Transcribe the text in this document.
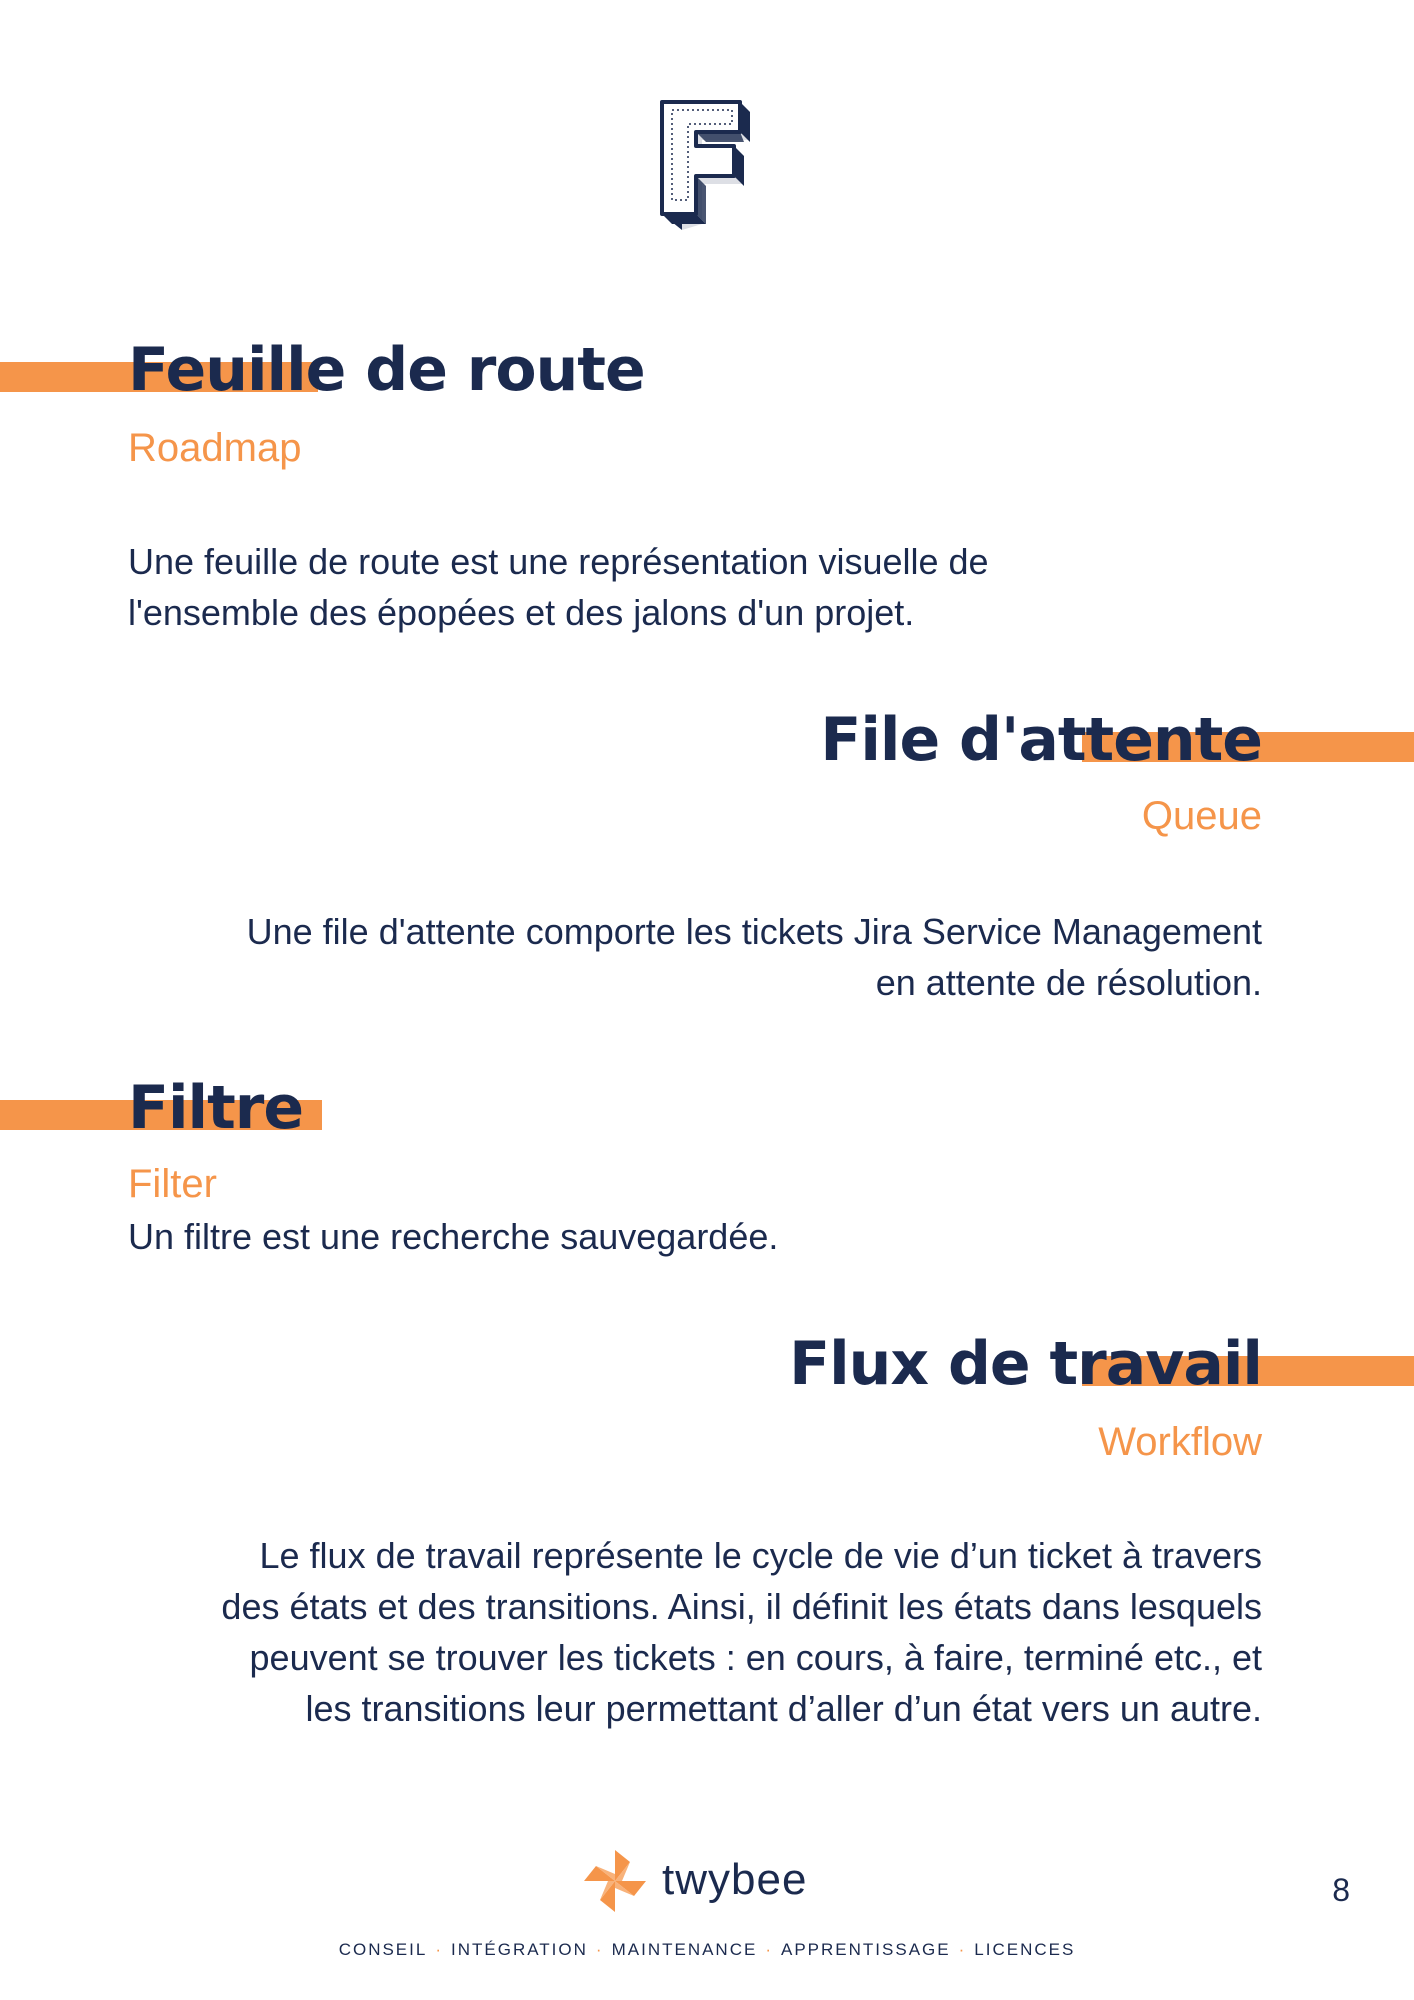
Feuille de route

Roadmap

Une feuille de route est une représentation visuelle de

l'ensemble des épopées et des jalons d'un projet.

File d'attente

Queue

Une file d'attente comporte les tickets Jira Service Management

en attente de résolution.

Filtre

Filter

Un filtre est une recherche sauvegardée.

Flux de travail

Workflow

Le flux de travail représente le cycle de vie d’un ticket à travers

des états et des transitions. Ainsi, il définit les états dans lesquels

peuvent se trouver les tickets : en cours, à faire, terminé etc., et

les transitions leur permettant d’aller d’un état vers un autre.

twybee	8
CONSEIL · INTÉGRATION · MAINTENANCE · APPRENTISSAGE · LICENCES
